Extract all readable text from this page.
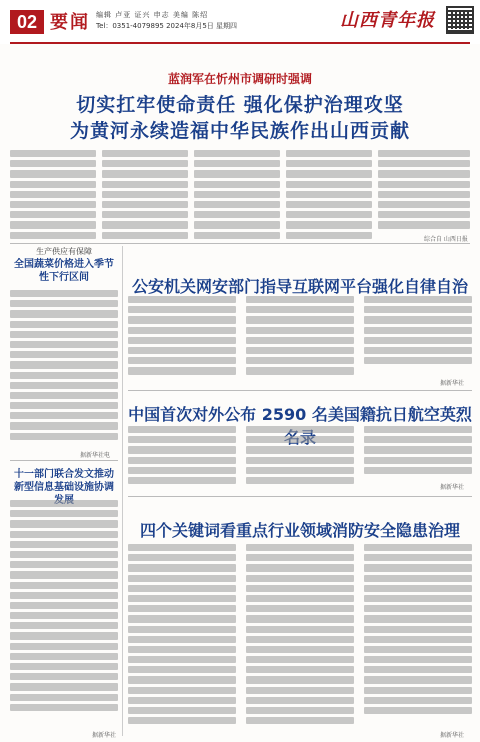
02 要闻 编辑 卢亚 证兴 申志 美编 陈绍
Tel：0351-4079895 2024年8月5日 星期四	山西青年报
蓝润军在忻州市调研时强调
切实扛牢使命责任 强化保护治理攻坚
为黄河永续造福中华民族作出山西贡献
综合自 山西日报
生产供应有保障
全国蔬菜价格进入季节性下行区间
据新华社电
十一部门联合发文推动新型信息基础设施协调
据新华社
公安机关网安部门指导互联网平台强化自律自治
据新华社
中国首次对外公布 2590 名美国籍抗日航空英烈
据新华社
四个关键词看重点行业领域消防安全隐患治理
据新华社
